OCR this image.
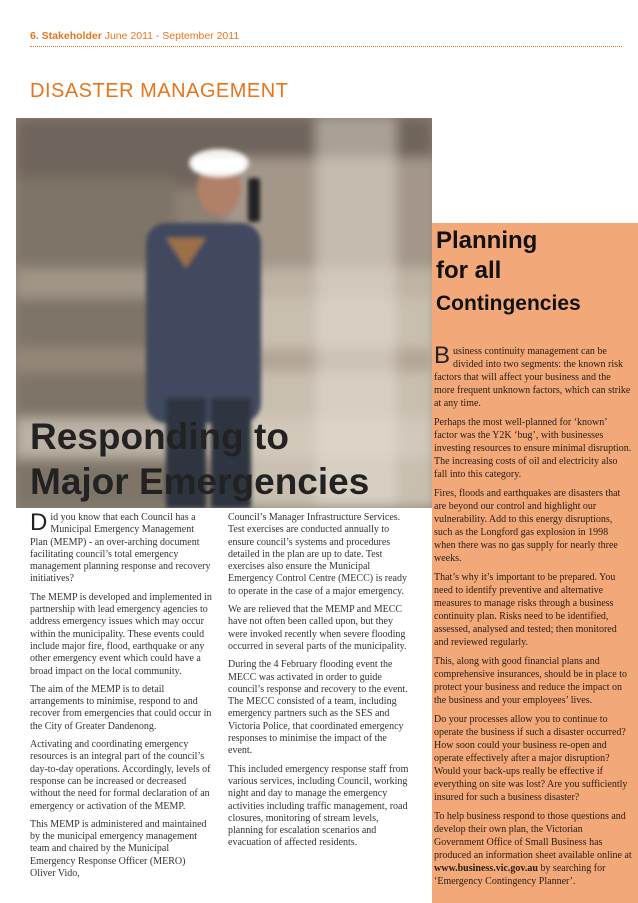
6. Stakeholder June 2011 - September 2011
DISASTER MANAGEMENT
Planning
for all
Contingencies

Business continuity management can be divided into two segments: the known risk factors that will affect your business and the more frequent unknown factors, which can strike at any time.

Perhaps the most well-planned for ‘known’ factor was the Y2K ‘bug’, with businesses investing resources to ensure minimal disruption. The increasing costs of oil and electricity also fall into this category.

Fires, floods and earthquakes are disasters that are beyond our control and highlight our vulnerability. Add to this energy disruptions, such as the Longford gas explosion in 1998 when there was no gas supply for nearly three weeks.

That’s why it’s important to be prepared. You need to identify preventive and alternative measures to manage risks through a business continuity plan. Risks need to be identified, assessed, analysed and tested; then monitored and reviewed regularly.

This, along with good financial plans and comprehensive insurances, should be in place to protect your business and reduce the impact on the business and your employees’ lives.

Do your processes allow you to continue to operate the business if such a disaster occurred? How soon could your business re-open and operate effectively after a major disruption? Would your back-ups really be effective if everything on site was lost? Are you sufficiently insured for such a business disaster?

To help business respond to those questions and develop their own plan, the Victorian Government Office of Small Business has produced an information sheet available online at www.business.vic.gov.au by searching for ‘Emergency Contingency Planner’.

Responding to
Major Emergencies

Did you know that each Council has a Municipal Emergency Management Plan (MEMP) - an over-arching document facilitating council’s total emergency management planning response and recovery initiatives?

The MEMP is developed and implemented in partnership with lead emergency agencies to address emergency issues which may occur within the municipality. These events could include major fire, flood, earthquake or any other emergency event which could have a broad impact on the local community.

The aim of the MEMP is to detail arrangements to minimise, respond to and recover from emergencies that could occur in the City of Greater Dandenong.

Activating and coordinating emergency resources is an integral part of the council’s day-to-day operations. Accordingly, levels of response can be increased or decreased without the need for formal declaration of an emergency or activation of the MEMP.

This MEMP is administered and maintained by the municipal emergency management team and chaired by the Municipal Emergency Response Officer (MERO) Oliver Vido,

Council’s Manager Infrastructure Services. Test exercises are conducted annually to ensure council’s systems and procedures detailed in the plan are up to date. Test exercises also ensure the Municipal Emergency Control Centre (MECC) is ready to operate in the case of a major emergency.

We are relieved that the MEMP and MECC have not often been called upon, but they were invoked recently when severe flooding occurred in several parts of the municipality.

During the 4 February flooding event the MECC was activated in order to guide council’s response and recovery to the event. The MECC consisted of a team, including emergency partners such as the SES and Victoria Police, that coordinated emergency responses to minimise the impact of the event.

This included emergency response staff from various services, including Council, working night and day to manage the emergency activities including traffic management, road closures, monitoring of stream levels, planning for escalation scenarios and evacuation of affected residents.
